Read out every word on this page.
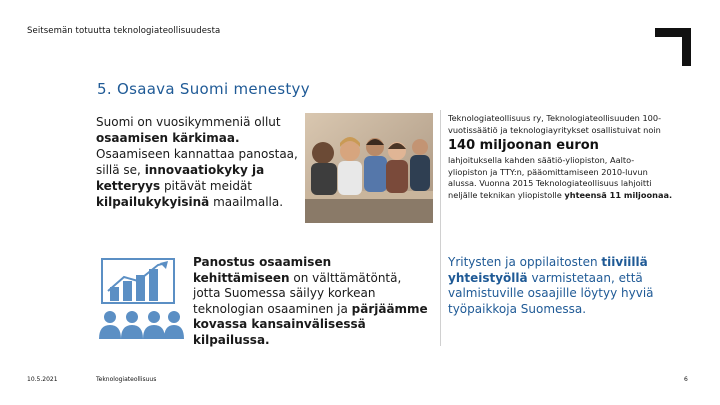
Seitsemän totuutta teknologiateollisuudesta
5. Osaava Suomi menestyy
Suomi on vuosikymmeniä ollut osaamisen kärkimaa. Osaamiseen kannattaa panostaa, sillä se, innovaatiokyky ja ketteryys pitävät meidät kilpailukykyisinä maailmalla.
Teknologiateollisuus ry, Teknologiateollisuuden 100-vuotissäätiö ja teknologiayritykset osallistuivat noin
140 miljoonan euron
lahjoituksella kahden säätiö-yliopiston, Aalto-yliopiston ja TTY:n, pääomittamiseen 2010-luvun alussa. Vuonna 2015 Teknologiateollisuus lahjoitti neljälle teknikan yliopistolle yhteensä 11 miljoonaa.
Panostus osaamisen kehittämiseen on välttämätöntä, jotta Suomessa säilyy korkean teknologian osaaminen ja pärjäämme kovassa kansainvälisessä kilpailussa.
Yritysten ja oppilaitosten tiiviillä yhteistyöllä varmistetaan, että valmistuville osaajille löytyy hyviä työpaikkoja Suomessa.
10.5.2021	Teknologiateollisuus	6
